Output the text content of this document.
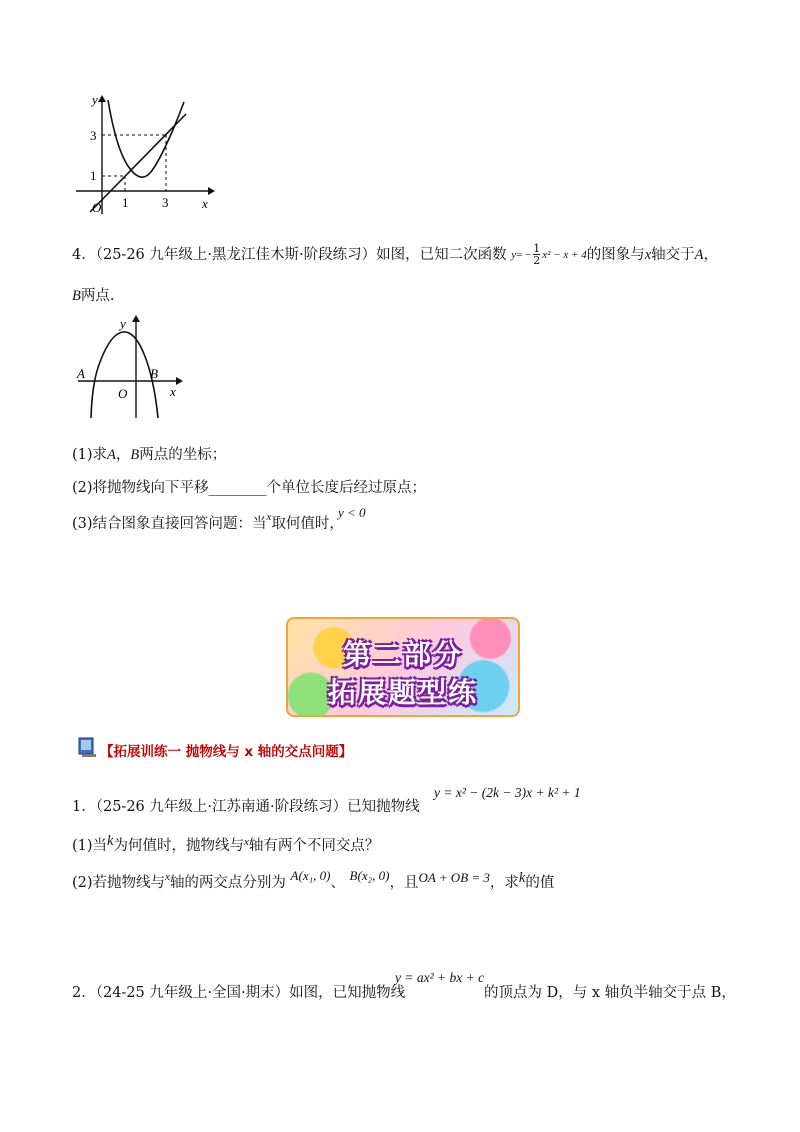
y
x
O
3
1
1	3
4．（25-26 九年级上·黑龙江佳木斯·阶段练习）如图，已知二次函数 y = − $\frac{1}{2} x^2 - x + 4$ 的图象与x轴交于A，
B两点.
y
x
O
A	B
(1)求A，B两点的坐标；
(2)将抛物线向下平移________个单位长度后经过原点；
(3)结合图象直接回答问题：当$^x$取何值时，
y < 0
第二部分
拓展题型练
【拓展训练一 抛物线与 x 轴的交点问题】
1．（25-26 九年级上·江苏南通·阶段练习）已知抛物线
y = x² − (2k − 3)x + k² + 1
(1)当k为何值时，抛物线与$^x$轴有两个不同交点？
(2)若抛物线与$^x$轴的两交点分别为 A(x₁, 0)、 B(x₂, 0)，且OA + OB = 3，求k的值
2．（24-25 九年级上·全国·期末）如图，已知抛物线
y = ax² + bx + c
的顶点为 D，与 x 轴负半轴交于点 B，
